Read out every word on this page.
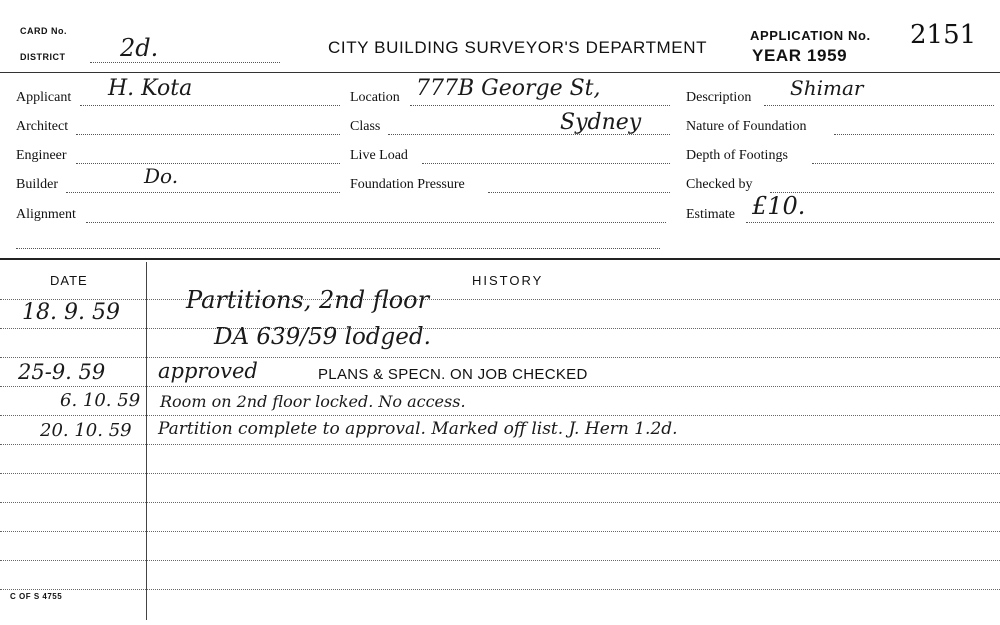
CARD No.
DISTRICT 2d.	CITY BUILDING SURVEYOR'S DEPARTMENT
APPLICATION No. 2151
YEAR 1959
Applicant H. Kota
Architect
Engineer
Builder	Do.
Alignment
Location 777B George St,
Class	Sydney
Live Load
Foundation Pressure
Description Shimar
Nature of Foundation
Depth of Footings
Checked by
Estimate £10.
DATE	HISTORY
18. 9. 59	Partitions, 2nd floor
DA 639/59 lodged.
25-9. 59	approved	PLANS & SPECN. ON JOB CHECKED
6. 10. 59 Room on 2nd floor locked. No access.
20. 10. 59 Partition complete to approval. Marked off list. J. Hern 1.2d.
C OF S 4755
